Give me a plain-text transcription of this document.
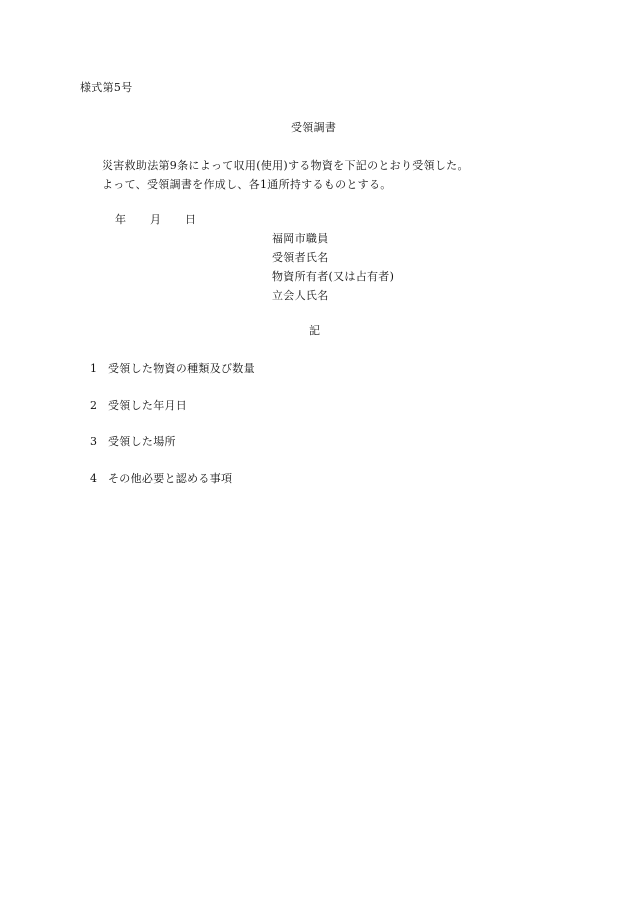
様式第5号
受領調書
災害救助法第9条によって収用(使用)する物資を下記のとおり受領した。
よって、受領調書を作成し、各1通所持するものとする。
年 月 日
福岡市職員
受領者氏名
物資所有者(又は占有者)
立会人氏名
記
1 受領した物資の種類及び数量
2 受領した年月日
3 受領した場所
4 その他必要と認める事項
